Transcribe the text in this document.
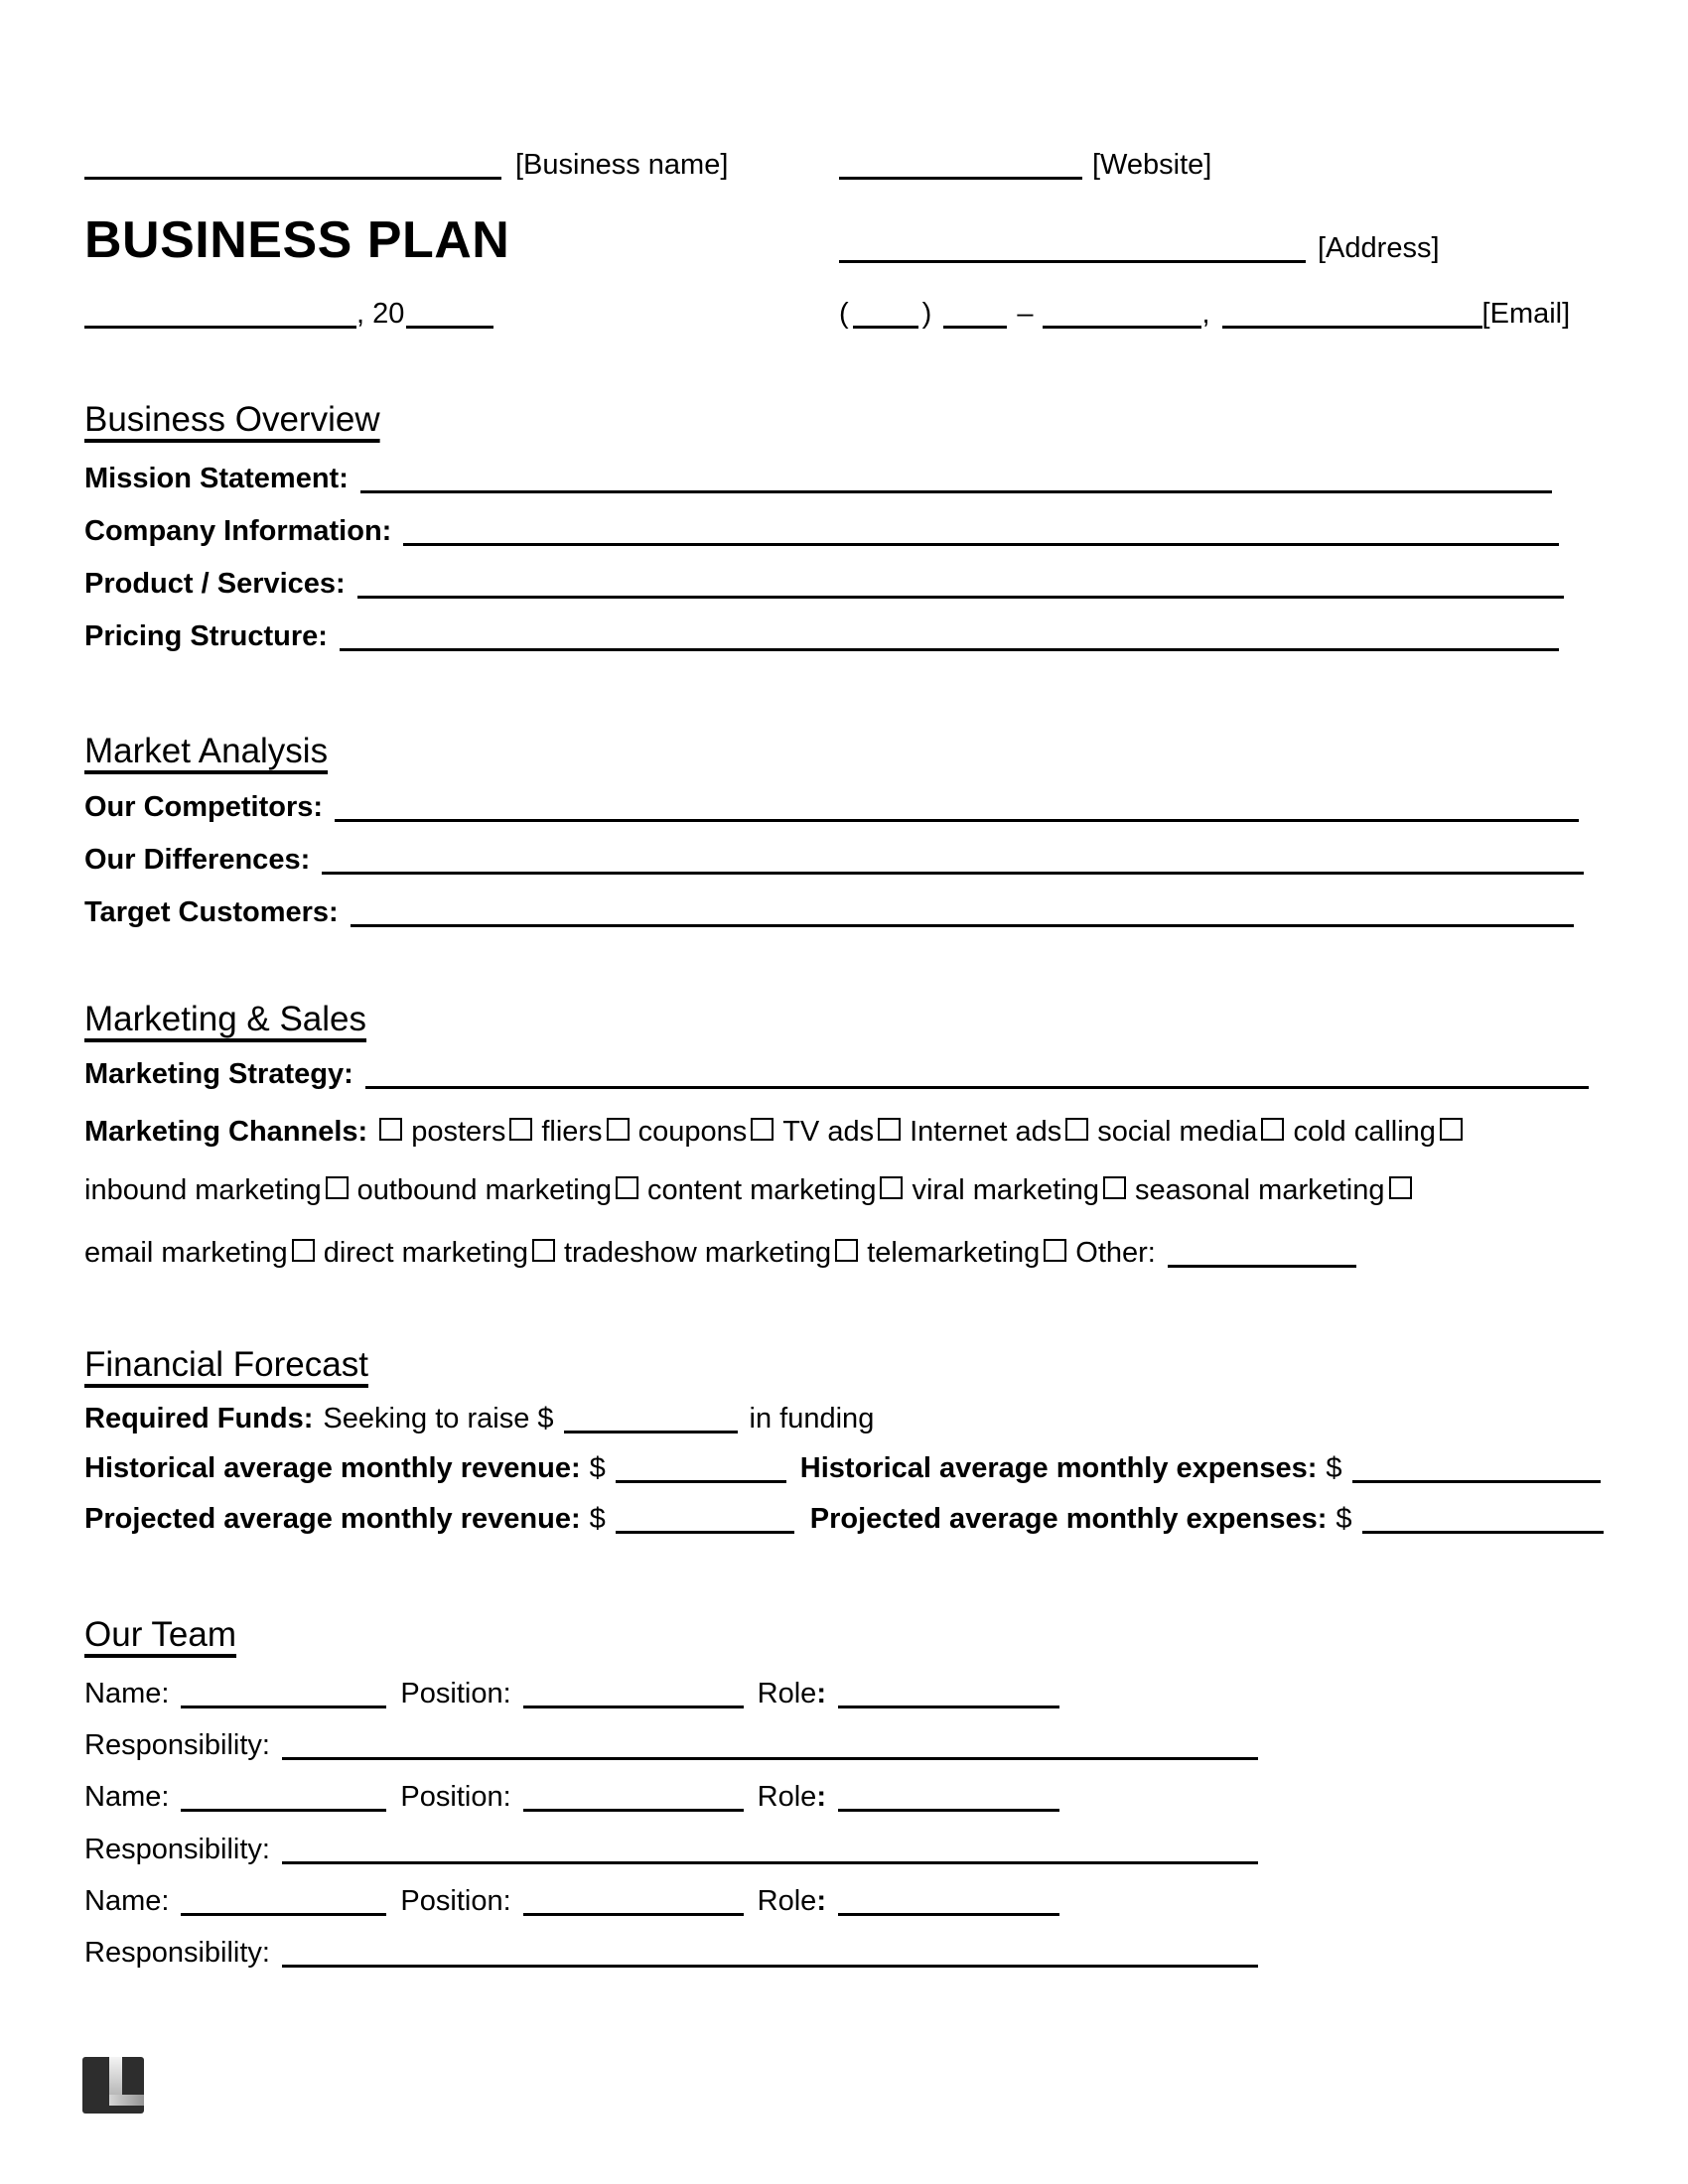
[Business name]	[Website]
BUSINESS PLAN	[Address]
, 20	(	)	–	,	[Email]
Business Overview
Mission Statement:
Company Information:
Product / Services:
Pricing Structure:
Market Analysis
Our Competitors:
Our Differences:
Target Customers:
Marketing & Sales
Marketing Strategy:
Marketing Channels: posters fliers coupons TV ads Internet ads social media cold calling
inbound marketing outbound marketing content marketing viral marketing seasonal marketing
email marketing direct marketing tradeshow marketing telemarketing Other:
Financial Forecast
Required Funds: Seeking to raise $	in funding
Historical average monthly revenue: $	Historical average monthly expenses: $
Projected average monthly revenue: $	Projected average monthly expenses: $
Our Team
Name:	Position:	Role :
Responsibility:
Name:	Position:	Role :
Responsibility:
Name:	Position:	Role :
Responsibility:
